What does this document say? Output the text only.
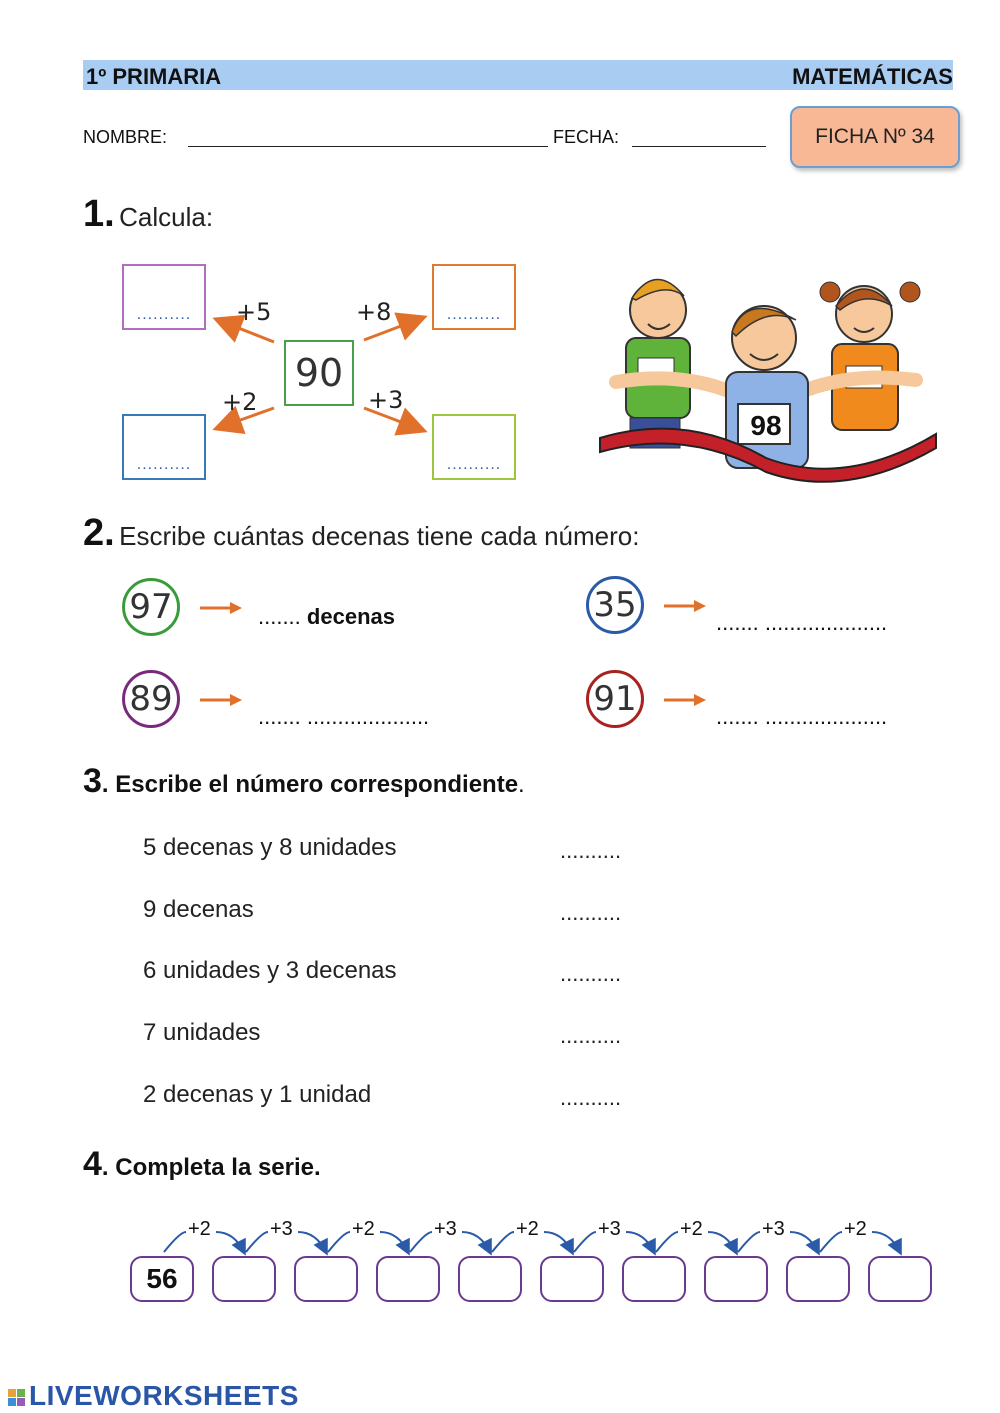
1º PRIMARIA	MATEMÁTICAS
NOMBRE:	FECHA:	FICHA Nº 34
1. Calcula:
..........	..........
..........	..........
90
+5	+8
+2	+3
98
2. Escribe cuántas decenas tiene cada número:
97	....... decenas	35	....... ....................
89	....... ....................	91	....... ....................
3. Escribe el número correspondiente.
5 decenas y 8 unidades	..........
9 decenas	..........
6 unidades y 3 decenas	..........
7 unidades	..........
2 decenas y 1 unidad	..........
4. Completa la serie.
+2	+3	+2	+3	+2	+3	+2	+3	+2
56
LIVEWORKSHEETS
